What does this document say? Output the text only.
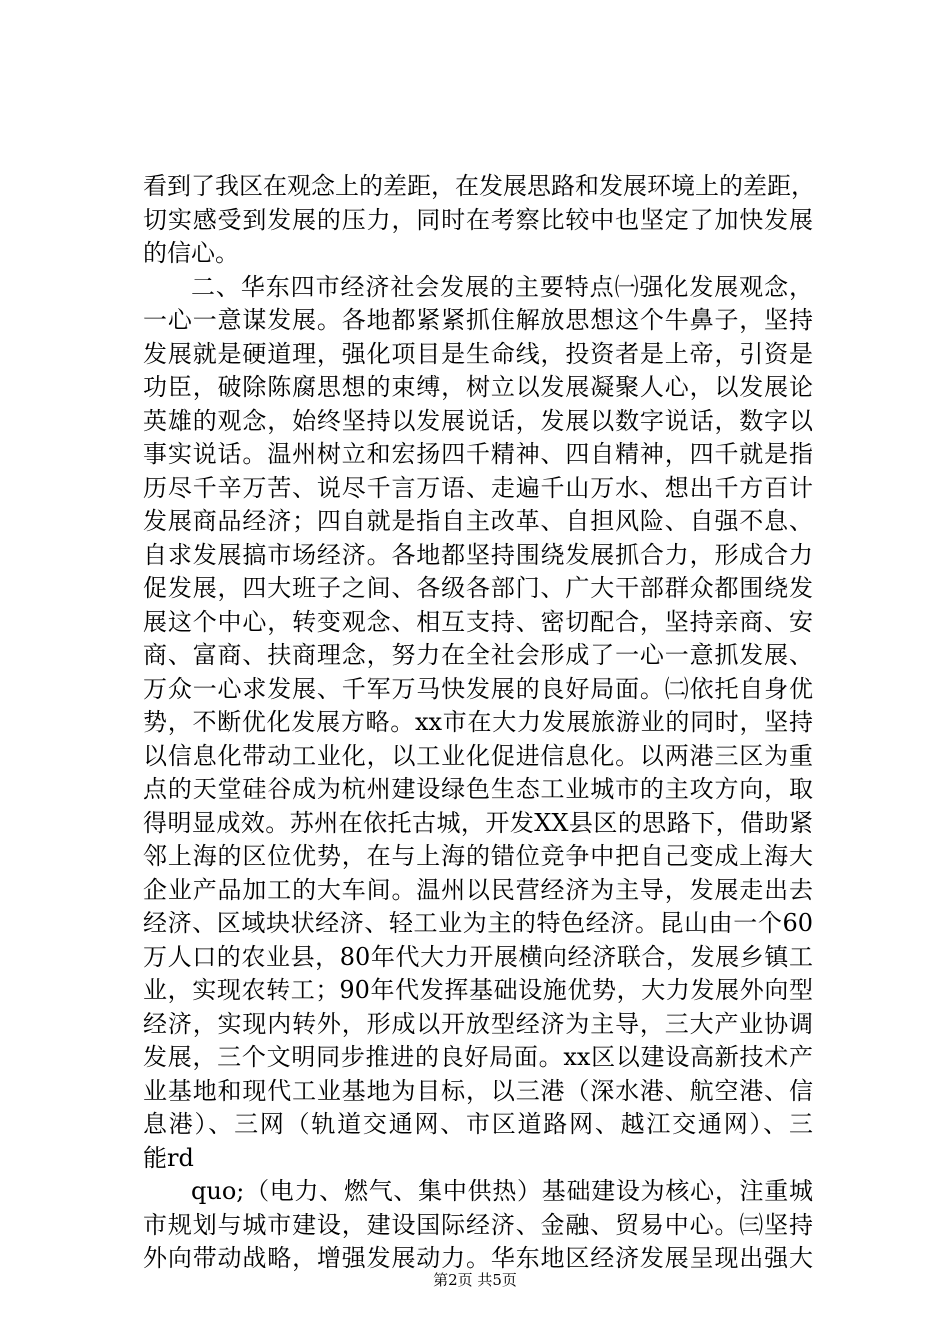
看到了我区在观念上的差距，在发展思路和发展环境上的差距，
切实感受到发展的压力，同时在考察比较中也坚定了加快发展
的信心。
二、华东四市经济社会发展的主要特点㈠强化发展观念，
一心一意谋发展。各地都紧紧抓住解放思想这个牛鼻子，坚持
发展就是硬道理，强化项目是生命线，投资者是上帝，引资是
功臣，破除陈腐思想的束缚，树立以发展凝聚人心，以发展论
英雄的观念，始终坚持以发展说话，发展以数字说话，数字以
事实说话。温州树立和宏扬四千精神、四自精神，四千就是指
历尽千辛万苦、说尽千言万语、走遍千山万水、想出千方百计
发展商品经济；四自就是指自主改革、自担风险、自强不息、
自求发展搞市场经济。各地都坚持围绕发展抓合力，形成合力
促发展，四大班子之间、各级各部门、广大干部群众都围绕发
展这个中心，转变观念、相互支持、密切配合，坚持亲商、安
商、富商、扶商理念，努力在全社会形成了一心一意抓发展、
万众一心求发展、千军万马快发展的良好局面。㈡依托自身优
势，不断优化发展方略。xx市在大力发展旅游业的同时，坚持
以信息化带动工业化，以工业化促进信息化。以两港三区为重
点的天堂硅谷成为杭州建设绿色生态工业城市的主攻方向，取
得明显成效。苏州在依托古城，开发XX县区的思路下，借助紧
邻上海的区位优势，在与上海的错位竞争中把自己变成上海大
企业产品加工的大车间。温州以民营经济为主导，发展走出去
经济、区域块状经济、轻工业为主的特色经济。昆山由一个60
万人口的农业县，80年代大力开展横向经济联合，发展乡镇工
业，实现农转工；90年代发挥基础设施优势，大力发展外向型
经济，实现内转外，形成以开放型经济为主导，三大产业协调
发展，三个文明同步推进的良好局面。xx区以建设高新技术产
业基地和现代工业基地为目标，以三港（深水港、航空港、信
息港）、三网（轨道交通网、市区道路网、越江交通网）、三
能rd
quo;（电力、燃气、集中供热）基础建设为核心，注重城
市规划与城市建设，建设国际经济、金融、贸易中心。㈢坚持
外向带动战略，增强发展动力。华东地区经济发展呈现出强大
第2页 共5页
